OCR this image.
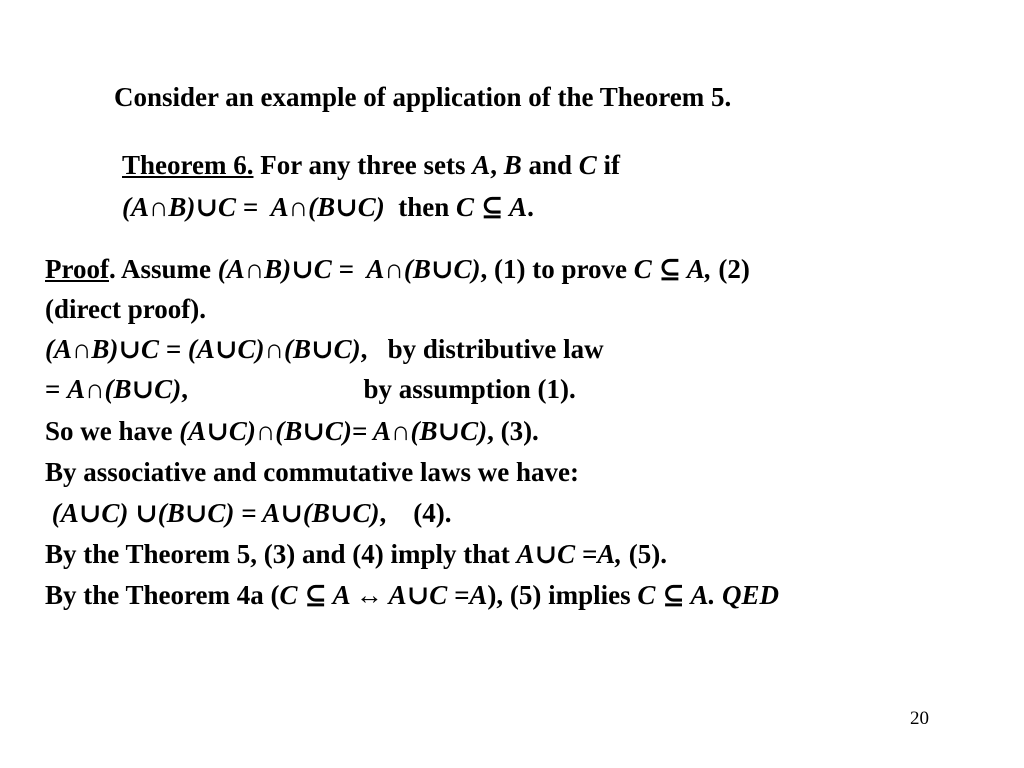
Consider an example of application of the Theorem 5.

Theorem 6. For any three sets A, B and C if

(A∩B)∪C =  A∩(B∪C)  then C ⊆ A.

Proof. Assume (A∩B)∪C =  A∩(B∪C), (1) to prove C ⊆ A, (2)

(direct proof).

(A∩B)∪C = (A∪C)∩(B∪C),   by distributive law

= A∩(B∪C),                          by assumption (1).

So we have (A∪C)∩(B∪C)= A∩(B∪C), (3).

By associative and commutative laws we have:

(A∪C) ∪(B∪C) = A∪(B∪C),    (4).

By the Theorem 5, (3) and (4) imply that A∪C =A, (5).

By the Theorem 4a (C ⊆ A ↔ A∪C =A), (5) implies C ⊆ A. QED

20
